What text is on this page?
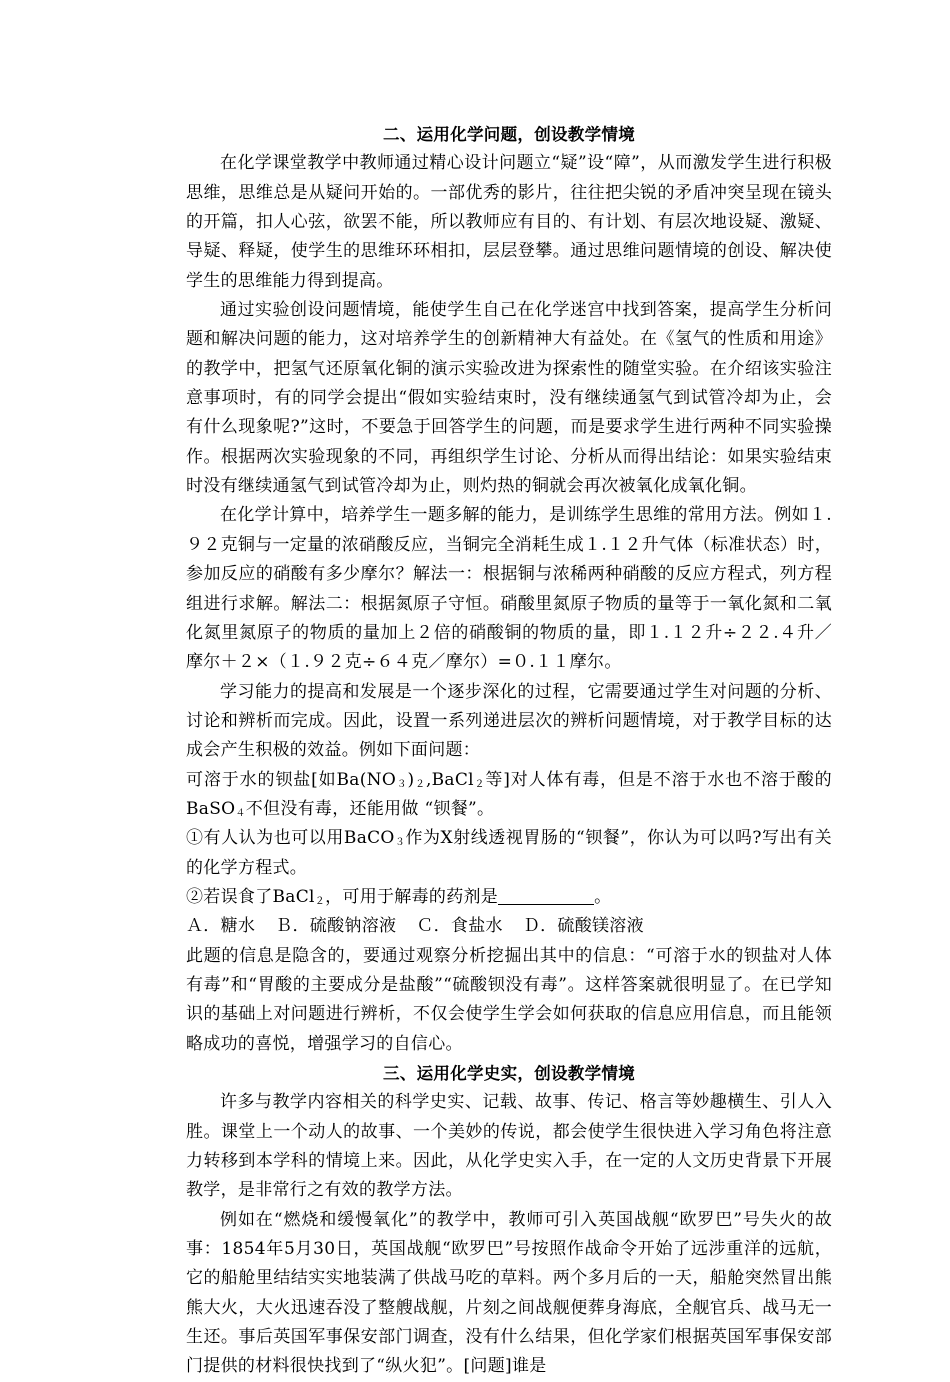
二、运用化学问题，创设教学情境

在化学课堂教学中教师通过精心设计问题立“疑”设“障”，从而激发学生进行积极思维，思维总是从疑问开始的。一部优秀的影片，往往把尖锐的矛盾冲突呈现在镜头的开篇，扣人心弦，欲罢不能，所以教师应有目的、有计划、有层次地设疑、激疑、导疑、释疑，使学生的思维环环相扣，层层登攀。通过思维问题情境的创设、解决使学生的思维能力得到提高。

通过实验创设问题情境，能使学生自己在化学迷宫中找到答案，提高学生分析问题和解决问题的能力，这对培养学生的创新精神大有益处。在《氢气的性质和用途》的教学中，把氢气还原氧化铜的演示实验改进为探索性的随堂实验。在介绍该实验注意事项时，有的同学会提出“假如实验结束时，没有继续通氢气到试管冷却为止，会有什么现象呢?”这时，不要急于回答学生的问题，而是要求学生进行两种不同实验操作。根据两次实验现象的不同，再组织学生讨论、分析从而得出结论：如果实验结束时没有继续通氢气到试管冷却为止，则灼热的铜就会再次被氧化成氧化铜。

在化学计算中，培养学生一题多解的能力，是训练学生思维的常用方法。例如１.９２克铜与一定量的浓硝酸反应，当铜完全消耗生成１.１２升气体（标准状态）时，参加反应的硝酸有多少摩尔？解法一：根据铜与浓稀两种硝酸的反应方程式，列方程组进行求解。解法二：根据氮原子守恒。硝酸里氮原子物质的量等于一氧化氮和二氧化氮里氮原子的物质的量加上２倍的硝酸铜的物质的量，即１.１２升÷２２.４升／摩尔＋２×（１.９２克÷６４克／摩尔）=０.１１摩尔。

学习能力的提高和发展是一个逐步深化的过程，它需要通过学生对问题的分析、讨论和辨析而完成。因此，设置一系列递进层次的辨析问题情境，对于教学目标的达成会产生积极的效益。例如下面问题：

可溶于水的钡盐[如$Ba(NO_3)_2,BaCl_2$等]对人体有毒，但是不溶于水也不溶于酸的BaSO$_4$不但没有毒，还能用做 “钡餐”。

①有人认为也可以用BaCO$_3$作为X射线透视胃肠的“钡餐”，你认为可以吗?写出有关的化学方程式。

②若误食了BaCl$_2$，可用于解毒的药剂是	。

Ａ．糖水 Ｂ．硫酸钠溶液 Ｃ．食盐水 Ｄ．硫酸镁溶液

此题的信息是隐含的，要通过观察分析挖掘出其中的信息：“可溶于水的钡盐对人体有毒”和“胃酸的主要成分是盐酸”“硫酸钡没有毒”。这样答案就很明显了。在已学知识的基础上对问题进行辨析，不仅会使学生学会如何获取的信息应用信息，而且能领略成功的喜悦，增强学习的自信心。

三、运用化学史实，创设教学情境

许多与教学内容相关的科学史实、记载、故事、传记、格言等妙趣横生、引人入胜。课堂上一个动人的故事、一个美妙的传说，都会使学生很快进入学习角色将注意力转移到本学科的情境上来。因此，从化学史实入手，在一定的人文历史背景下开展教学，是非常行之有效的教学方法。

例如在“燃烧和缓慢氧化”的教学中，教师可引入英国战舰“欧罗巴”号失火的故事：1854年5月30日，英国战舰“欧罗巴”号按照作战命令开始了远涉重洋的远航，它的船舱里结结实实地装满了供战马吃的草料。两个多月后的一天，船舱突然冒出熊熊大火，大火迅速吞没了整艘战舰，片刻之间战舰便葬身海底，全舰官兵、战马无一生还。事后英国军事保安部门调查，没有什么结果，但化学家们根据英国军事保安部门提供的材料很快找到了“纵火犯”。[问题]谁是
